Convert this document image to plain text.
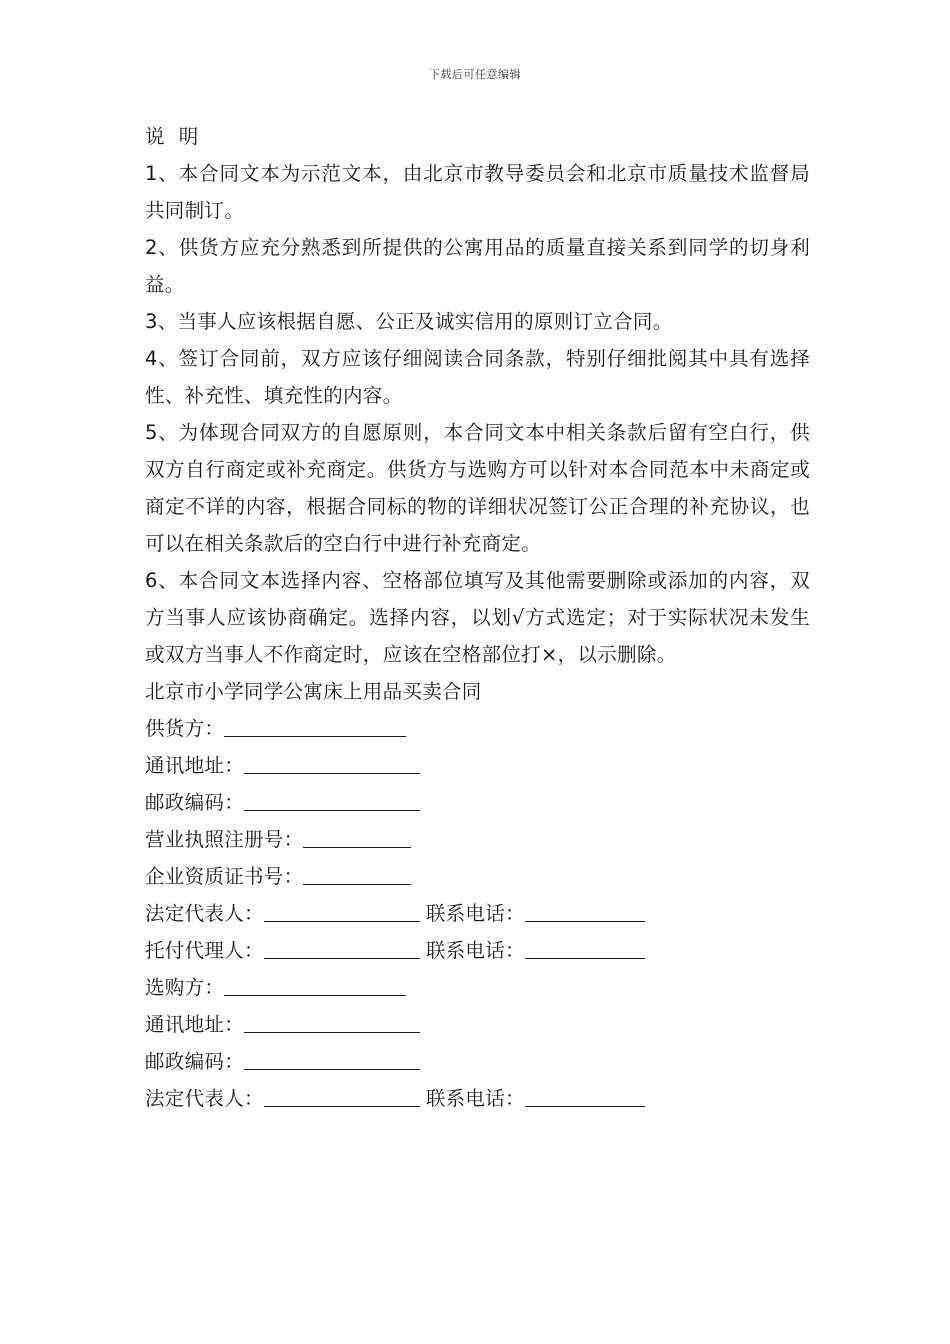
下载后可任意编辑

说 明

1、本合同文本为示范文本，由北京市教导委员会和北京市质量技术监督局共同制订。

2、供货方应充分熟悉到所提供的公寓用品的质量直接关系到同学的切身利益。

3、当事人应该根据自愿、公正及诚实信用的原则订立合同。

4、签订合同前，双方应该仔细阅读合同条款，特别仔细批阅其中具有选择性、补充性、填充性的内容。

5、为体现合同双方的自愿原则，本合同文本中相关条款后留有空白行，供双方自行商定或补充商定。供货方与选购方可以针对本合同范本中未商定或商定不详的内容，根据合同标的物的详细状况签订公正合理的补充协议，也可以在相关条款后的空白行中进行补充商定。

6、本合同文本选择内容、空格部位填写及其他需要删除或添加的内容，双方当事人应该协商确定。选择内容，以划√方式选定；对于实际状况未发生或双方当事人不作商定时，应该在空格部位打×，以示删除。

北京市小学同学公寓床上用品买卖合同

供货方：

通讯地址：

邮政编码：

营业执照注册号：

企业资质证书号：

法定代表人：	联系电话：

托付代理人：	联系电话：

选购方：

通讯地址：

邮政编码：

法定代表人：	联系电话：
